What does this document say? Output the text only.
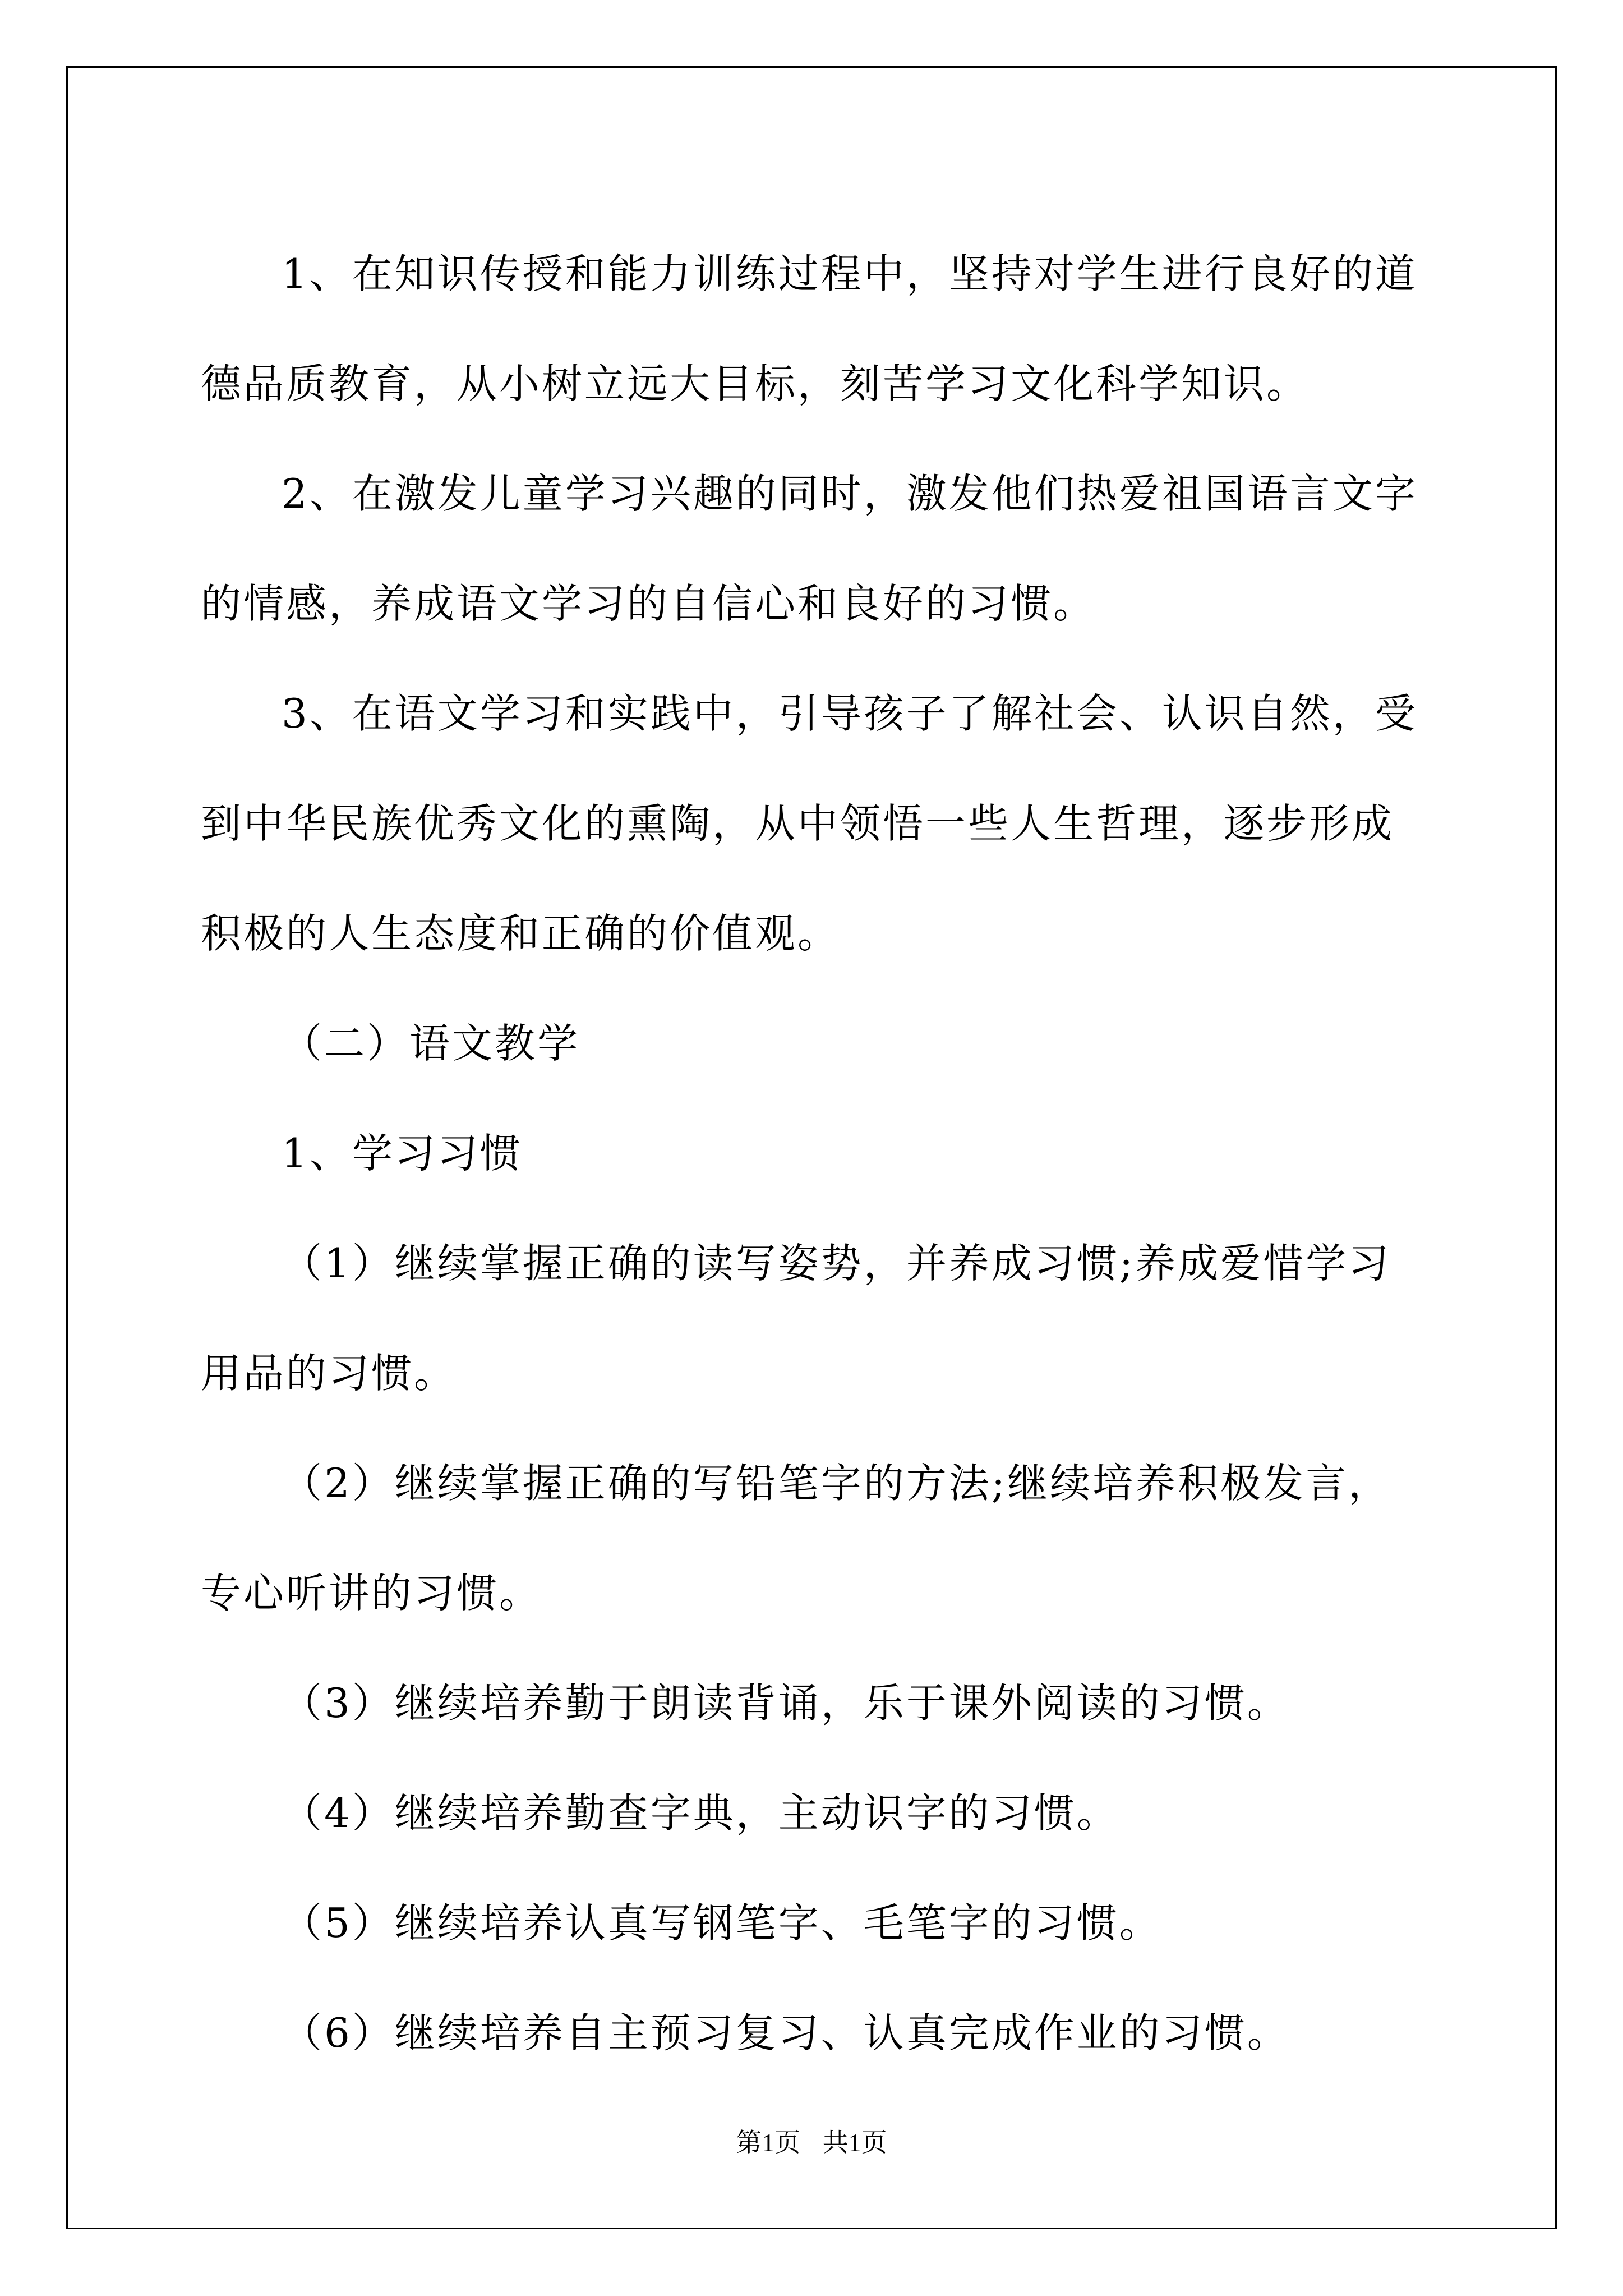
1、在知识传授和能力训练过程中，坚持对学生进行良好的道德品质教育，从小树立远大目标，刻苦学习文化科学知识。

2、在激发儿童学习兴趣的同时，激发他们热爱祖国语言文字的情感，养成语文学习的自信心和良好的习惯。

3、在语文学习和实践中，引导孩子了解社会、认识自然，受到中华民族优秀文化的熏陶，从中领悟一些人生哲理，逐步形成积极的人生态度和正确的价值观。

（二）语文教学

1、学习习惯

（1）继续掌握正确的读写姿势，并养成习惯;养成爱惜学习用品的习惯。

（2）继续掌握正确的写铅笔字的方法;继续培养积极发言，专心听讲的习惯。

（3）继续培养勤于朗读背诵，乐于课外阅读的习惯。

（4）继续培养勤查字典，主动识字的习惯。

（5）继续培养认真写钢笔字、毛笔字的习惯。

（6）继续培养自主预习复习、认真完成作业的习惯。

第1页 共1页
